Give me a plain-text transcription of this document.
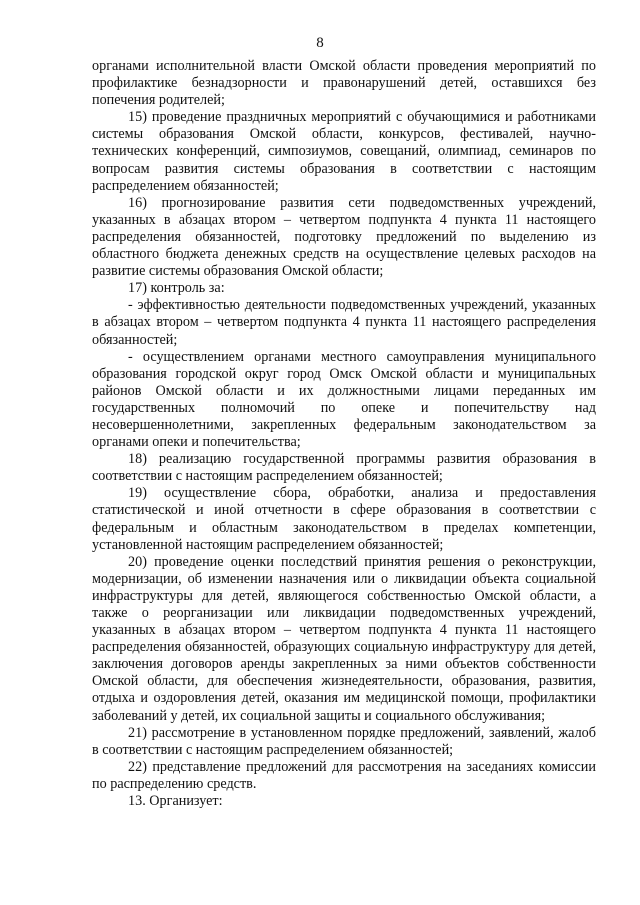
8

органами исполнительной власти Омской области проведения мероприятий по профилактике безнадзорности и правонарушений детей, оставшихся без попечения родителей;

15) проведение праздничных мероприятий с обучающимися и работниками системы образования Омской области, конкурсов, фестивалей, научно-технических конференций, симпозиумов, совещаний, олимпиад, семинаров по вопросам развития системы образования в соответствии с настоящим распределением обязанностей;

16) прогнозирование развития сети подведомственных учреждений, указанных в абзацах втором – четвертом подпункта 4 пункта 11 настоящего распределения обязанностей, подготовку предложений по выделению из областного бюджета денежных средств на осуществление целевых расходов на развитие системы образования Омской области;

17) контроль за:

- эффективностью деятельности подведомственных учреждений, указанных в абзацах втором – четвертом подпункта 4 пункта 11 настоящего распределения обязанностей;

- осуществлением органами местного самоуправления муниципального образования городской округ город Омск Омской области и муниципальных районов Омской области и их должностными лицами переданных им государственных полномочий по опеке и попечительству над несовершеннолетними, закрепленных федеральным законодательством за органами опеки и попечительства;

18) реализацию государственной программы развития образования в соответствии с настоящим распределением обязанностей;

19) осуществление сбора, обработки, анализа и предоставления статистической и иной отчетности в сфере образования в соответствии с федеральным и областным законодательством в пределах компетенции, установленной настоящим распределением обязанностей;

20) проведение оценки последствий принятия решения о реконструкции, модернизации, об изменении назначения или о ликвидации объекта социальной инфраструктуры для детей, являющегося собственностью Омской области, а также о реорганизации или ликвидации подведомственных учреждений, указанных в абзацах втором – четвертом подпункта 4 пункта 11 настоящего распределения обязанностей, образующих социальную инфраструктуру для детей, заключения договоров аренды закрепленных за ними объектов собственности Омской области, для обеспечения жизнедеятельности, образования, развития, отдыха и оздоровления детей, оказания им медицинской помощи, профилактики заболеваний у детей, их социальной защиты и социального обслуживания;

21) рассмотрение в установленном порядке предложений, заявлений, жалоб в соответствии с настоящим распределением обязанностей;

22) представление предложений для рассмотрения на заседаниях комиссии по распределению средств.

13. Организует:
